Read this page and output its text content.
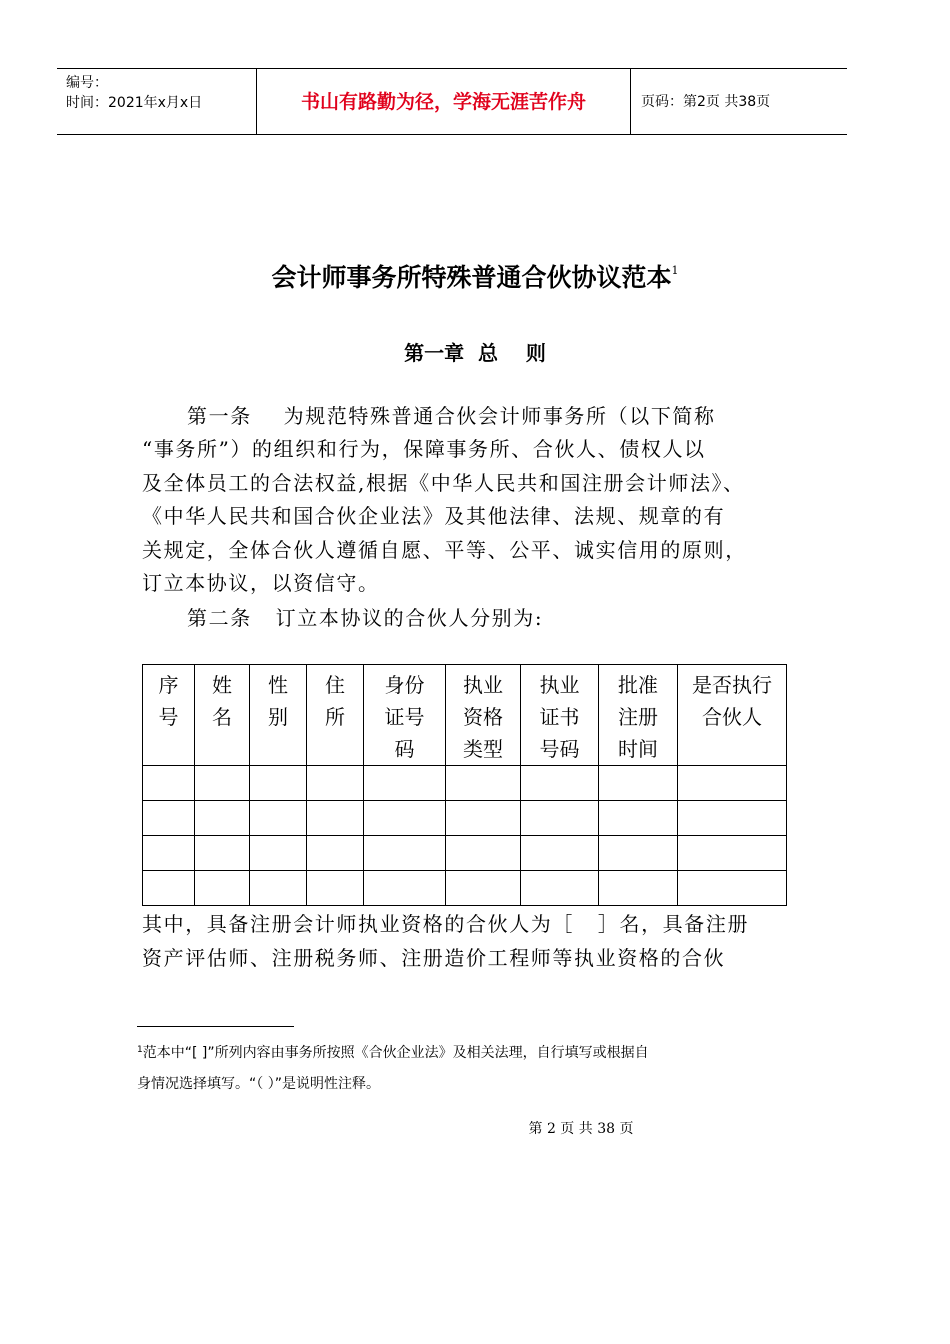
编号：
时间：2021年x月x日	书山有路勤为径，学海无涯苦作舟	页码：第2页 共38页
会计师事务所特殊普通合伙协议范本$^1$
第一章  总    则
第一条    为规范特殊普通合伙会计师事务所（以下简称
“事务所”）的组织和行为，保障事务所、合伙人、债权人以
及全体员工的合法权益,根据《中华人民共和国注册会计师法》、
《中华人民共和国合伙企业法》及其他法律、法规、规章的有
关规定，全体合伙人遵循自愿、平等、公平、诚实信用的原则，
订立本协议，以资信守。
第二条   订立本协议的合伙人分别为:
序号	姓名	性别	住所	身份证号码	执业资格类型	执业证书号码	批准注册时间	是否执行合伙人

其中，具备注册会计师执业资格的合伙人为［   ］名，具备注册
资产评估师、注册税务师、注册造价工程师等执业资格的合伙
$^1$范本中“[ ]”所列内容由事务所按照《合伙企业法》及相关法理，自行填写或根据自
身情况选择填写。“（ ）”是说明性注释。
第 2 页 共 38 页
